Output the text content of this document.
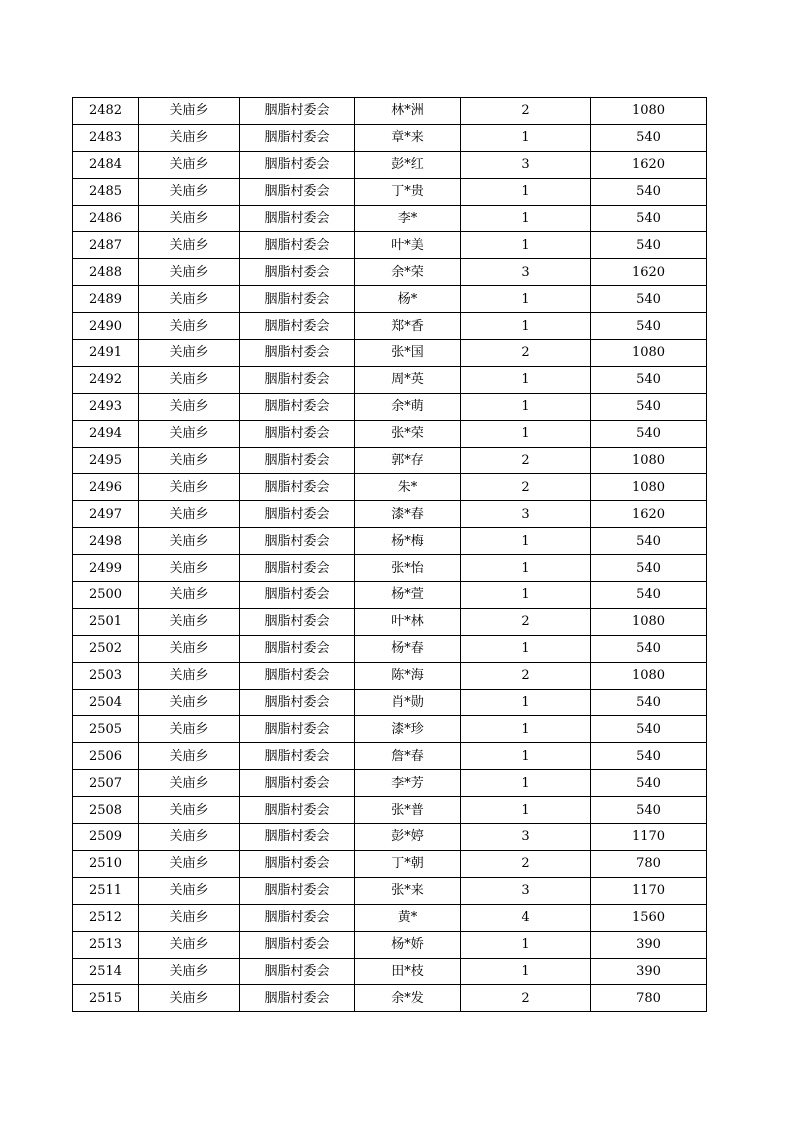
2482	关庙乡	胭脂村委会	林*洲	2	1080
2483	关庙乡	胭脂村委会	章*来	1	540
2484	关庙乡	胭脂村委会	彭*红	3	1620
2485	关庙乡	胭脂村委会	丁*贵	1	540
2486	关庙乡	胭脂村委会	李*	1	540
2487	关庙乡	胭脂村委会	叶*美	1	540
2488	关庙乡	胭脂村委会	余*荣	3	1620
2489	关庙乡	胭脂村委会	杨*	1	540
2490	关庙乡	胭脂村委会	郑*香	1	540
2491	关庙乡	胭脂村委会	张*国	2	1080
2492	关庙乡	胭脂村委会	周*英	1	540
2493	关庙乡	胭脂村委会	余*萌	1	540
2494	关庙乡	胭脂村委会	张*荣	1	540
2495	关庙乡	胭脂村委会	郭*存	2	1080
2496	关庙乡	胭脂村委会	朱*	2	1080
2497	关庙乡	胭脂村委会	漆*春	3	1620
2498	关庙乡	胭脂村委会	杨*梅	1	540
2499	关庙乡	胭脂村委会	张*怡	1	540
2500	关庙乡	胭脂村委会	杨*萱	1	540
2501	关庙乡	胭脂村委会	叶*林	2	1080
2502	关庙乡	胭脂村委会	杨*春	1	540
2503	关庙乡	胭脂村委会	陈*海	2	1080
2504	关庙乡	胭脂村委会	肖*勋	1	540
2505	关庙乡	胭脂村委会	漆*珍	1	540
2506	关庙乡	胭脂村委会	詹*春	1	540
2507	关庙乡	胭脂村委会	李*芳	1	540
2508	关庙乡	胭脂村委会	张*普	1	540
2509	关庙乡	胭脂村委会	彭*婷	3	1170
2510	关庙乡	胭脂村委会	丁*朝	2	780
2511	关庙乡	胭脂村委会	张*来	3	1170
2512	关庙乡	胭脂村委会	黄*	4	1560
2513	关庙乡	胭脂村委会	杨*娇	1	390
2514	关庙乡	胭脂村委会	田*枝	1	390
2515	关庙乡	胭脂村委会	余*发	2	780
